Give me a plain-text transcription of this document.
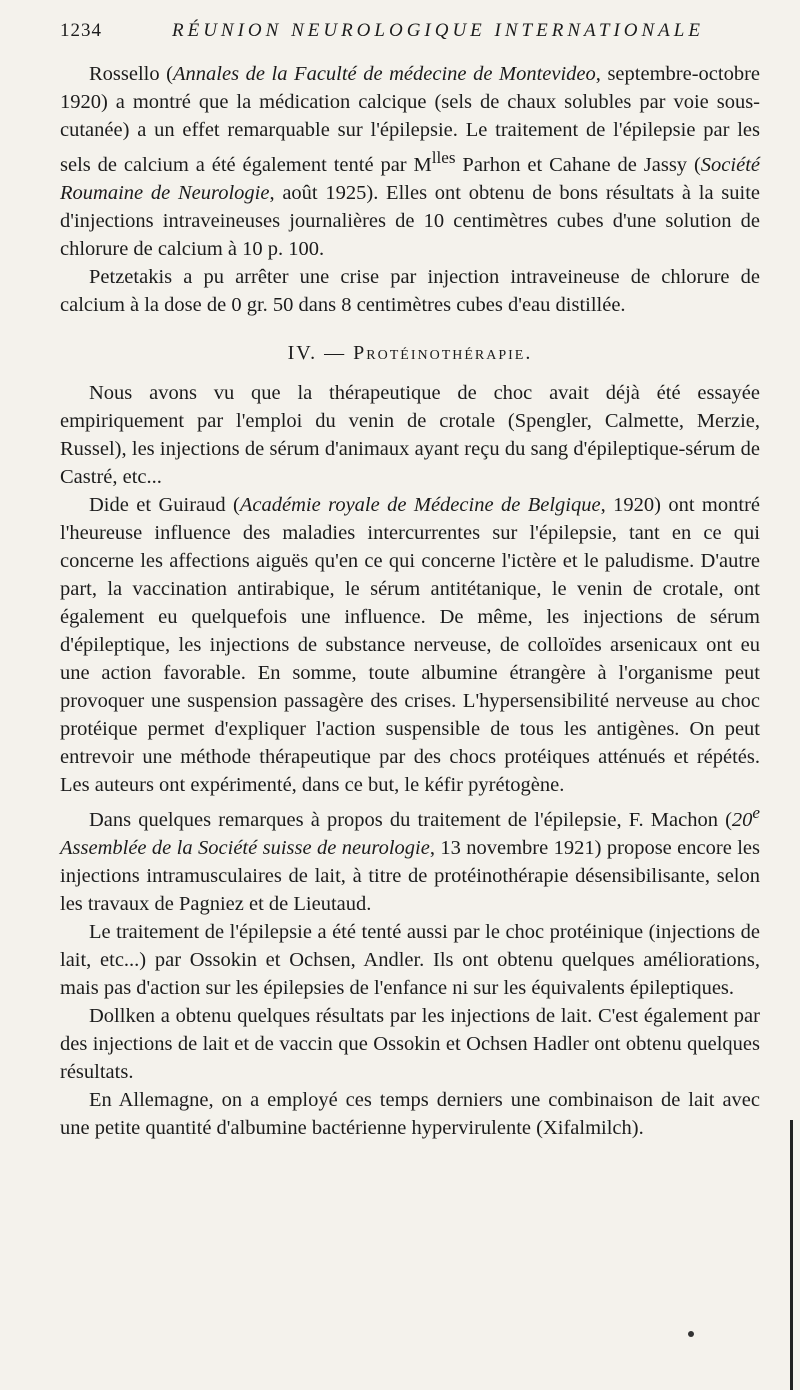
1234	RÉUNION NEUROLOGIQUE INTERNATIONALE

Rossello (Annales de la Faculté de médecine de Montevideo, septembre-octobre 1920) a montré que la médication calcique (sels de chaux solubles par voie sous-cutanée) a un effet remarquable sur l'épilepsie. Le traitement de l'épilepsie par les sels de calcium a été également tenté par $M^{lles}$ Parhon et Cahane de Jassy (Société Roumaine de Neurologie, août 1925). Elles ont obtenu de bons résultats à la suite d'injections intraveineuses journalières de 10 centimètres cubes d'une solution de chlorure de calcium à 10 p. 100.

Petzetakis a pu arrêter une crise par injection intraveineuse de chlorure de calcium à la dose de 0 gr. 50 dans 8 centimètres cubes d'eau distillée.

IV. — Protéinothérapie.

Nous avons vu que la thérapeutique de choc avait déjà été essayée empiriquement par l'emploi du venin de crotale (Spengler, Calmette, Merzie, Russel), les injections de sérum d'animaux ayant reçu du sang d'épileptique-sérum de Castré, etc...

Dide et Guiraud (Académie royale de Médecine de Belgique, 1920) ont montré l'heureuse influence des maladies intercurrentes sur l'épilepsie, tant en ce qui concerne les affections aiguës qu'en ce qui concerne l'ictère et le paludisme. D'autre part, la vaccination antirabique, le sérum antitétanique, le venin de crotale, ont également eu quelquefois une influence. De même, les injections de sérum d'épileptique, les injections de substance nerveuse, de colloïdes arsenicaux ont eu une action favorable. En somme, toute albumine étrangère à l'organisme peut provoquer une suspension passagère des crises. L'hypersensibilité nerveuse au choc protéique permet d'expliquer l'action suspensible de tous les antigènes. On peut entrevoir une méthode thérapeutique par des chocs protéiques atténués et répétés. Les auteurs ont expérimenté, dans ce but, le kéfir pyrétogène.

Dans quelques remarques à propos du traitement de l'épilepsie, F. Machon (20e Assemblée de la Société suisse de neurologie, 13 novembre 1921) propose encore les injections intramusculaires de lait, à titre de protéinothérapie désensibilisante, selon les travaux de Pagniez et de Lieutaud.

Le traitement de l'épilepsie a été tenté aussi par le choc protéinique (injections de lait, etc...) par Ossokin et Ochsen, Andler. Ils ont obtenu quelques améliorations, mais pas d'action sur les épilepsies de l'enfance ni sur les équivalents épileptiques.

Dollken a obtenu quelques résultats par les injections de lait. C'est également par des injections de lait et de vaccin que Ossokin et Ochsen Hadler ont obtenu quelques résultats.

En Allemagne, on a employé ces temps derniers une combinaison de lait avec une petite quantité d'albumine bactérienne hypervirulente (Xifalmilch).
